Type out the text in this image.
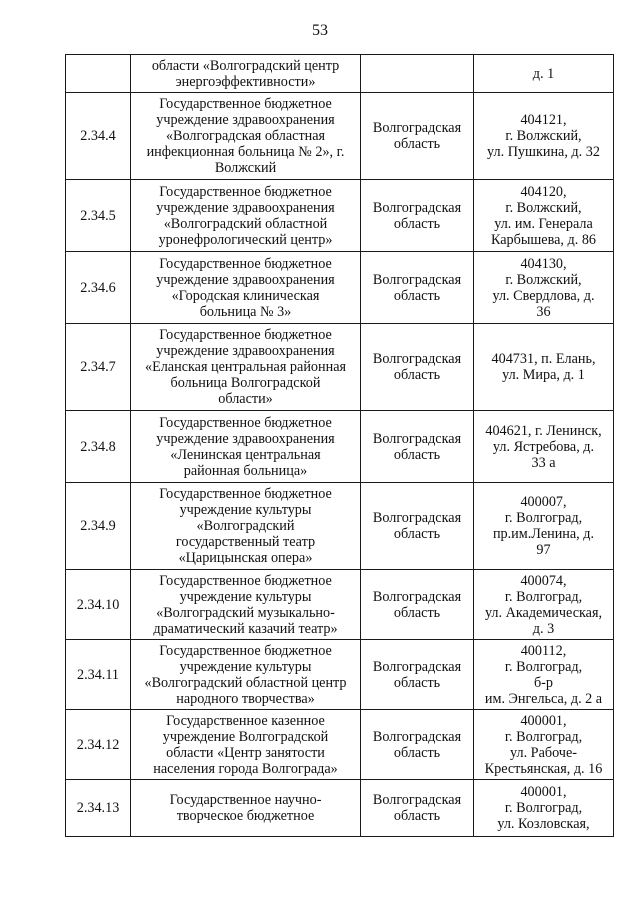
53

	области «Волгоградский центр
энергоэффективности»		д. 1

2.34.4	Государственное бюджетное
учреждение здравоохранения
«Волгоградская областная
инфекционная больница № 2», г.
Волжский	Волгоградская
область	404121,
г. Волжский,
ул. Пушкина, д. 32

2.34.5	Государственное бюджетное
учреждение здравоохранения
«Волгоградский областной
уронефрологический центр»	Волгоградская
область	404120,
г. Волжский,
ул. им. Генерала
Карбышева, д. 86

2.34.6	Государственное бюджетное
учреждение здравоохранения
«Городская клиническая
больница № 3»	Волгоградская
область	404130,
г. Волжский,
ул. Свердлова, д.
36

2.34.7	Государственное бюджетное
учреждение здравоохранения
«Еланская центральная районная
больница Волгоградской
области»	Волгоградская
область	404731, п. Елань,
ул. Мира, д. 1

2.34.8	Государственное бюджетное
учреждение здравоохранения
«Ленинская центральная
районная больница»	Волгоградская
область	404621, г. Ленинск,
ул. Ястребова, д.
33 а

2.34.9	Государственное бюджетное
учреждение культуры
«Волгоградский
государственный театр
«Царицынская опера»	Волгоградская
область	400007,
г. Волгоград,
пр.им.Ленина, д.
97

2.34.10	Государственное бюджетное
учреждение культуры
«Волгоградский музыкально-
драматический казачий театр»	Волгоградская
область	400074,
г. Волгоград,
ул. Академическая,
д. 3

2.34.11	Государственное бюджетное
учреждение культуры
«Волгоградский областной центр
народного творчества»	Волгоградская
область	400112,
г. Волгоград,
б-р
им. Энгельса, д. 2 а

2.34.12	Государственное казенное
учреждение Волгоградской
области «Центр занятости
населения города Волгограда»	Волгоградская
область	400001,
г. Волгоград,
ул. Рабоче-
Крестьянская, д. 16

2.34.13	Государственное научно-
творческое бюджетное	Волгоградская
область	400001,
г. Волгоград,
ул. Козловская,
